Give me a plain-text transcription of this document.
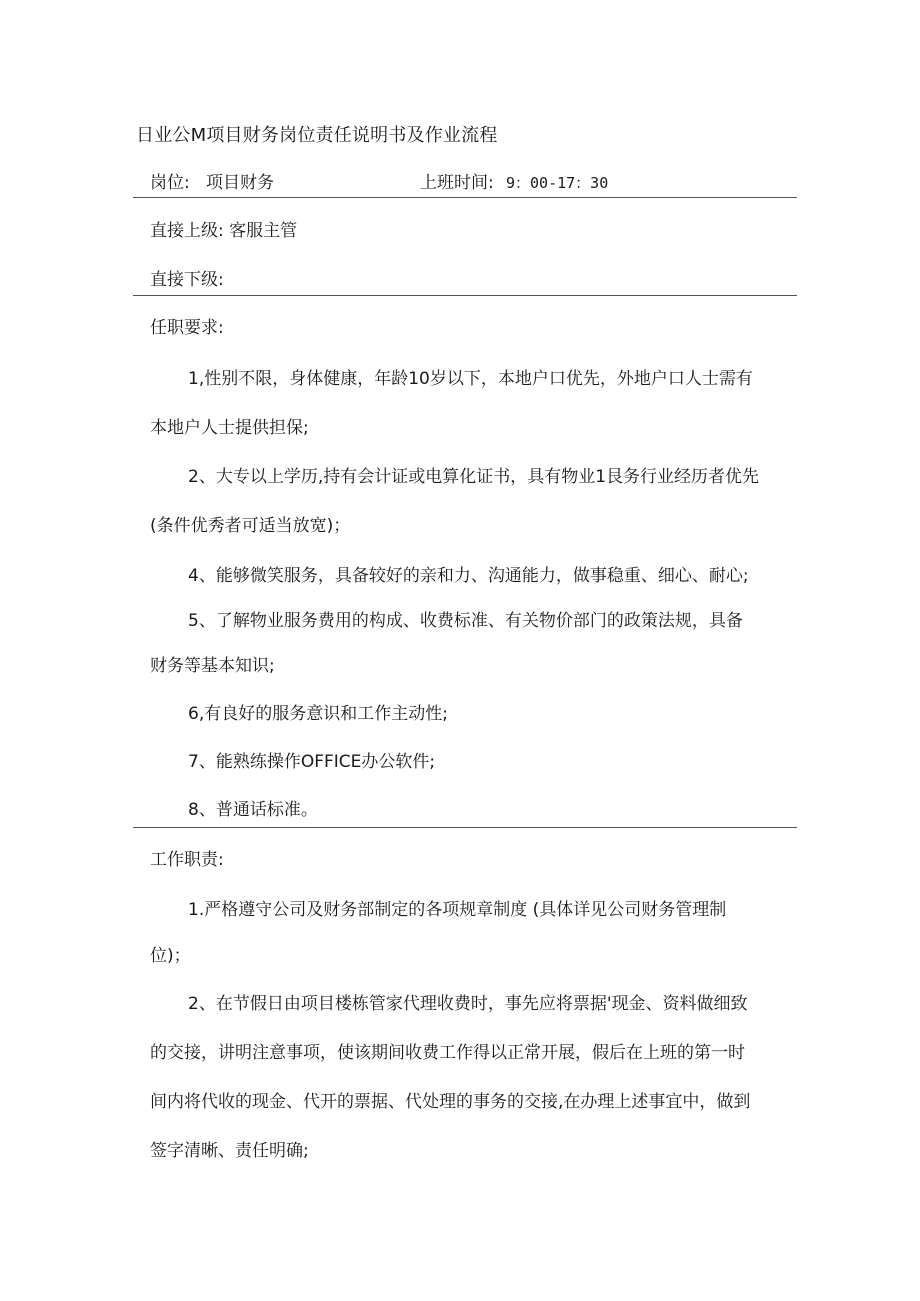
日业公M项目财务岗位责任说明书及作业流程
岗位: 项目财务	上班时间: 9：00-17：30
直接上级: 客服主管
直接下级:
任职要求:
1,性别不限，身体健康，年龄10岁以下，本地户口优先，外地户口人士需有
本地户人士提供担保;
2、大专以上学历,持有会计证或电算化证书，具有物业1艮务行业经历者优先
(条件优秀者可适当放宽)；
4、能够微笑服务，具备较好的亲和力、沟通能力，做事稳重、细心、耐心;
5、了解物业服务费用的构成、收费标准、有关物价部门的政策法规，具备
财务等基本知识;
6,有良好的服务意识和工作主动性;
7、能熟练操作OFFICE办公软件;
8、普通话标准。
工作职责:
1.严格遵守公司及财务部制定的各项规章制度 (具体详见公司财务管理制
位)；
2、在节假日由项目楼栋管家代理收费时，事先应将票据'现金、资料做细致
的交接，讲明注意事项，使该期间收费工作得以正常开展，假后在上班的第一时
间内将代收的现金、代开的票据、代处理的事务的交接,在办理上述事宜中，做到
签字清晰、责任明确;
